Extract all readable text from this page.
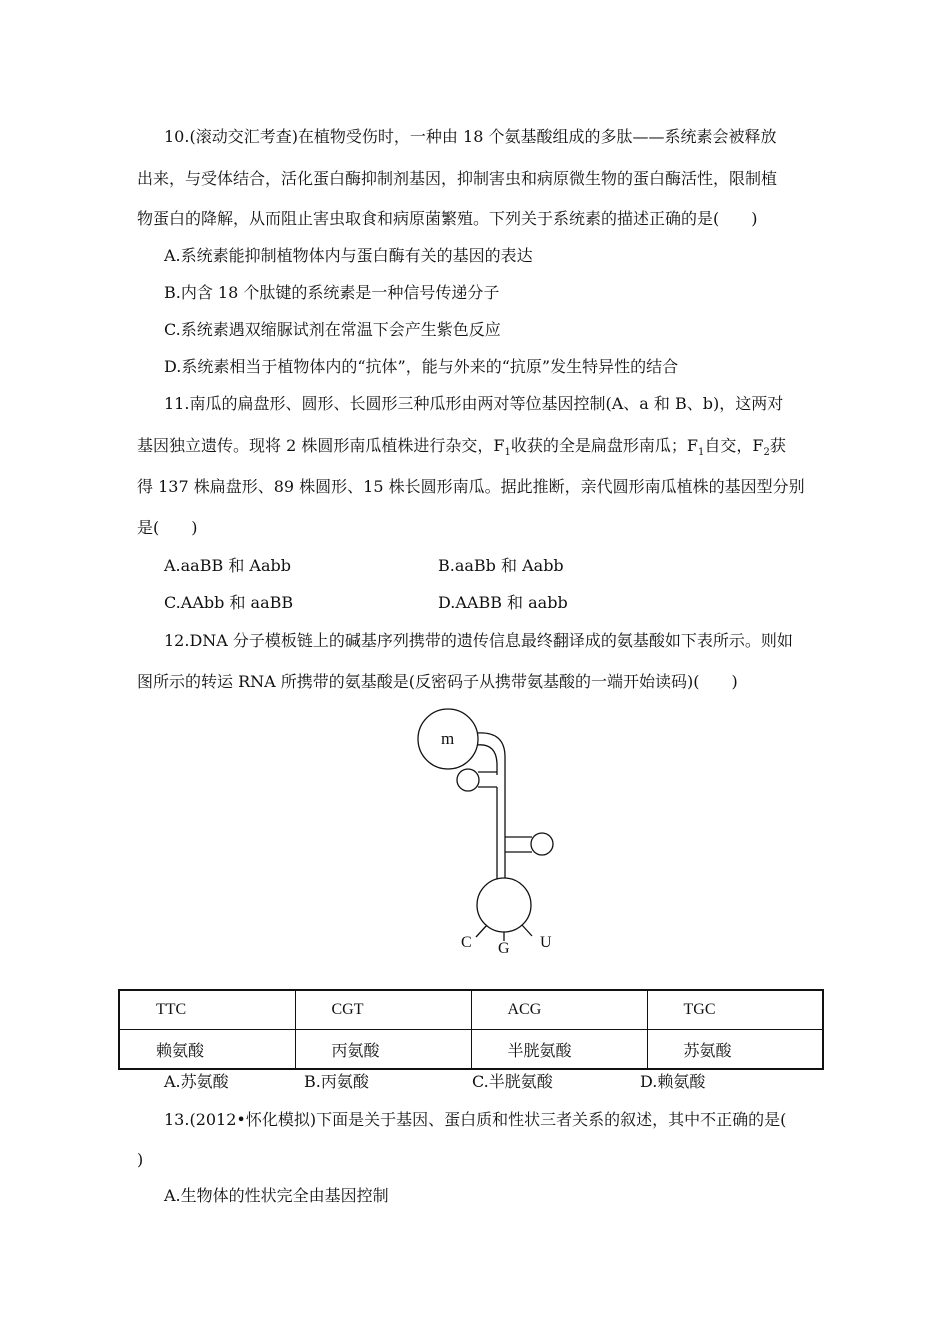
10.(滚动交汇考查)在植物受伤时，一种由 18 个氨基酸组成的多肽——系统素会被释放
出来，与受体结合，活化蛋白酶抑制剂基因，抑制害虫和病原微生物的蛋白酶活性，限制植
物蛋白的降解，从而阻止害虫取食和病原菌繁殖。下列关于系统素的描述正确的是(　　)
A.系统素能抑制植物体内与蛋白酶有关的基因的表达
B.内含 18 个肽键的系统素是一种信号传递分子
C.系统素遇双缩脲试剂在常温下会产生紫色反应
D.系统素相当于植物体内的“抗体”，能与外来的“抗原”发生特异性的结合
11.南瓜的扁盘形、圆形、长圆形三种瓜形由两对等位基因控制(A、a 和 B、b)，这两对
基因独立遗传。现将 2 株圆形南瓜植株进行杂交，$F_1$收获的全是扁盘形南瓜；$F_1$自交，$F_2$获
得 137 株扁盘形、89 株圆形、15 株长圆形南瓜。据此推断，亲代圆形南瓜植株的基因型分别
是(　　)
A.aaBB 和 Aabb	B.aaBb 和 Aabb
C.AAbb 和 aaBB	D.AABB 和 aabb
12.DNA 分子模板链上的碱基序列携带的遗传信息最终翻译成的氨基酸如下表所示。则如
图所示的转运 RNA 所携带的氨基酸是(反密码子从携带氨基酸的一端开始读码)(　　)
m
C G U
TTC	CGT	ACG	TGC
赖氨酸	丙氨酸	半胱氨酸	苏氨酸
A.苏氨酸	B.丙氨酸	C.半胱氨酸	D.赖氨酸
13.(2012•怀化模拟)下面是关于基因、蛋白质和性状三者关系的叙述，其中不正确的是(
)
A.生物体的性状完全由基因控制
